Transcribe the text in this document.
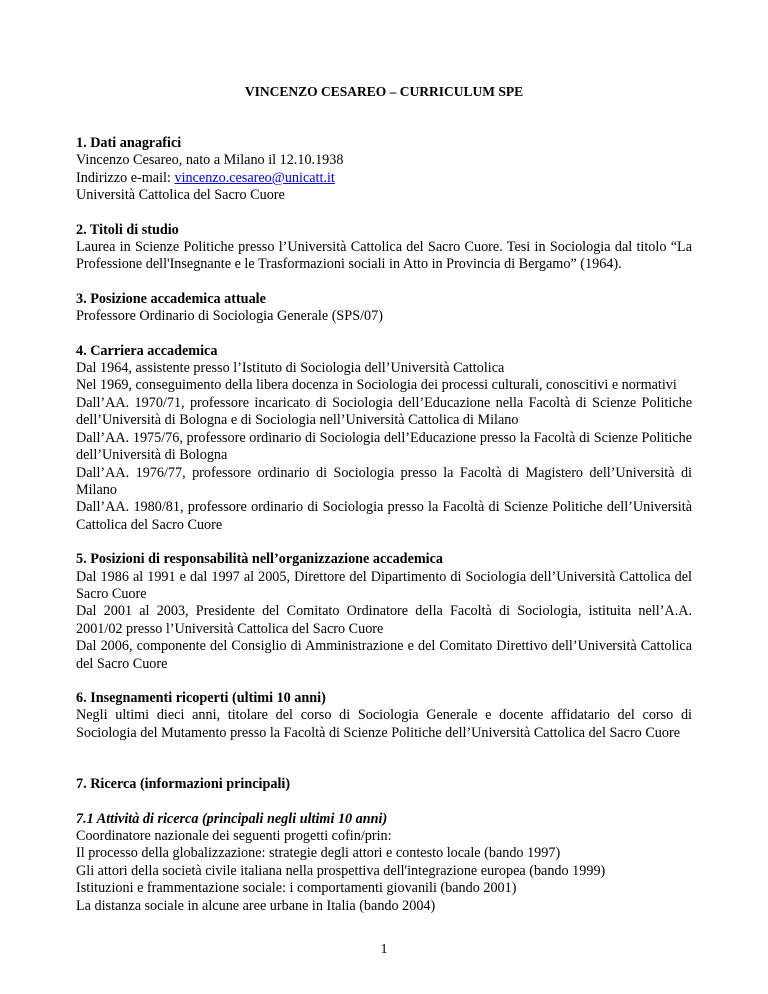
VINCENZO CESAREO – CURRICULUM SPE
1. Dati anagrafici
Vincenzo Cesareo, nato a Milano il 12.10.1938
Indirizzo e-mail: vincenzo.cesareo@unicatt.it
Università Cattolica del Sacro Cuore
2. Titoli di studio
Laurea in Scienze Politiche presso l’Università Cattolica del Sacro Cuore. Tesi in Sociologia dal titolo “La Professione dell'Insegnante e le Trasformazioni sociali in Atto in Provincia di Bergamo” (1964).
3. Posizione accademica attuale
Professore Ordinario di Sociologia Generale (SPS/07)
4. Carriera accademica
Dal 1964, assistente presso l’Istituto di Sociologia dell’Università Cattolica
Nel 1969, conseguimento della libera docenza in Sociologia dei processi culturali, conoscitivi e normativi
Dall’AA. 1970/71, professore incaricato di Sociologia dell’Educazione nella Facoltà di Scienze Politiche dell’Università di Bologna e di Sociologia nell’Università Cattolica di Milano
Dall’AA. 1975/76, professore ordinario di Sociologia dell’Educazione presso la Facoltà di Scienze Politiche dell’Università di Bologna
Dall’AA. 1976/77, professore ordinario di Sociologia presso la Facoltà di Magistero dell’Università di Milano
Dall’AA. 1980/81, professore ordinario di Sociologia presso la Facoltà di Scienze Politiche dell’Università Cattolica del Sacro Cuore
5. Posizioni di responsabilità nell’organizzazione accademica
Dal 1986 al 1991 e dal 1997 al 2005, Direttore del Dipartimento di Sociologia dell’Università Cattolica del Sacro Cuore
Dal 2001 al 2003, Presidente del Comitato Ordinatore della Facoltà di Sociologia, istituita nell’A.A. 2001/02 presso l’Università Cattolica del Sacro Cuore
Dal 2006, componente del Consiglio di Amministrazione e del Comitato Direttivo dell’Università Cattolica del Sacro Cuore
6. Insegnamenti ricoperti (ultimi 10 anni)
Negli ultimi dieci anni, titolare del corso di Sociologia Generale e docente affidatario del corso di Sociologia del Mutamento presso la Facoltà di Scienze Politiche dell’Università Cattolica del Sacro Cuore
7. Ricerca (informazioni principali)
7.1 Attività di ricerca (principali negli ultimi 10 anni)
Coordinatore nazionale dei seguenti progetti cofin/prin:
Il processo della globalizzazione: strategie degli attori e contesto locale (bando 1997)
Gli attori della società civile italiana nella prospettiva dell'integrazione europea (bando 1999)
Istituzioni e frammentazione sociale: i comportamenti giovanili (bando 2001)
La distanza sociale in alcune aree urbane in Italia (bando 2004)
1
